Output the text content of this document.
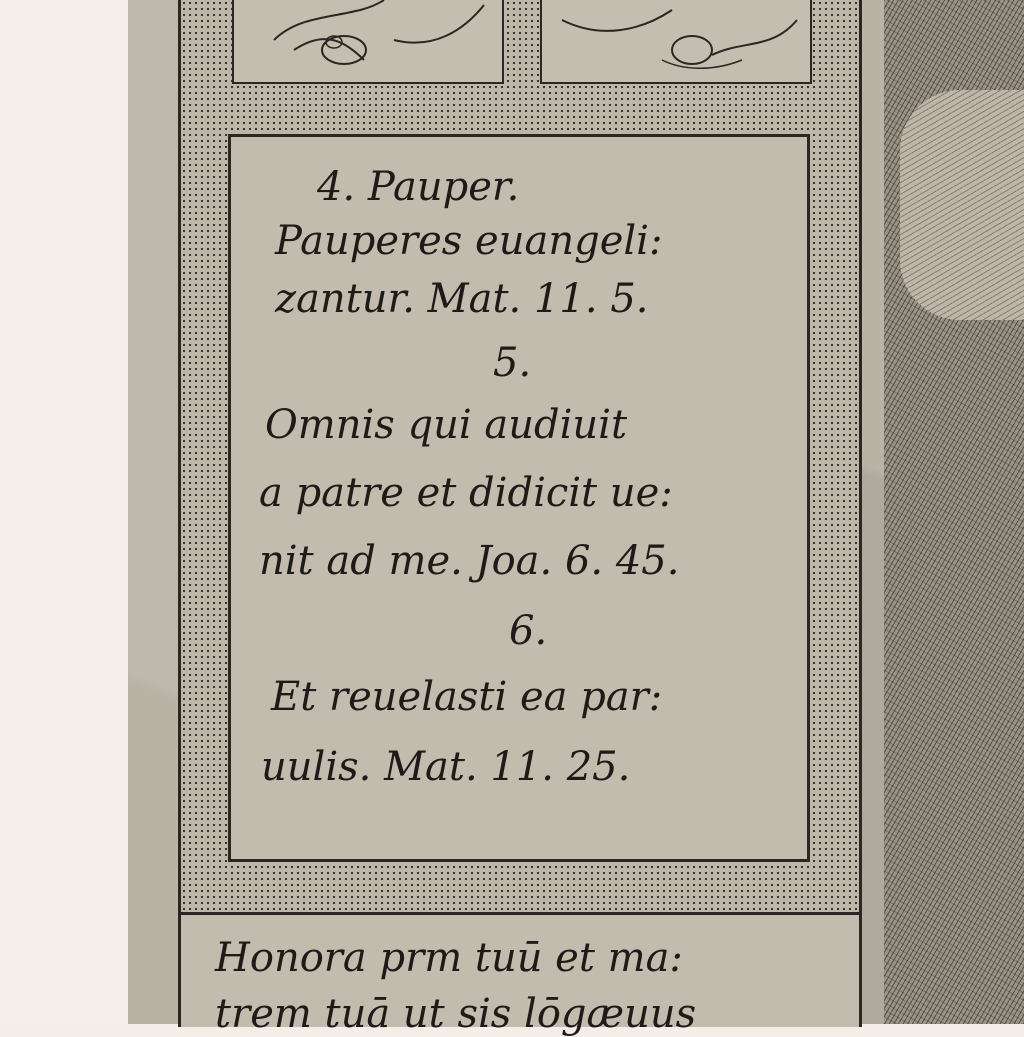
4. Pauper.
Pauperes euangeli:
zantur. Mat. 11. 5.
5.
Omnis qui audiuit
a patre et didicit ue:
nit ad me. Joa. 6. 45.
6.
Et reuelasti ea par:
uulis. Mat. 11. 25.
Honora prm tuū et ma:
trem tuā ut sis lōgæuus
